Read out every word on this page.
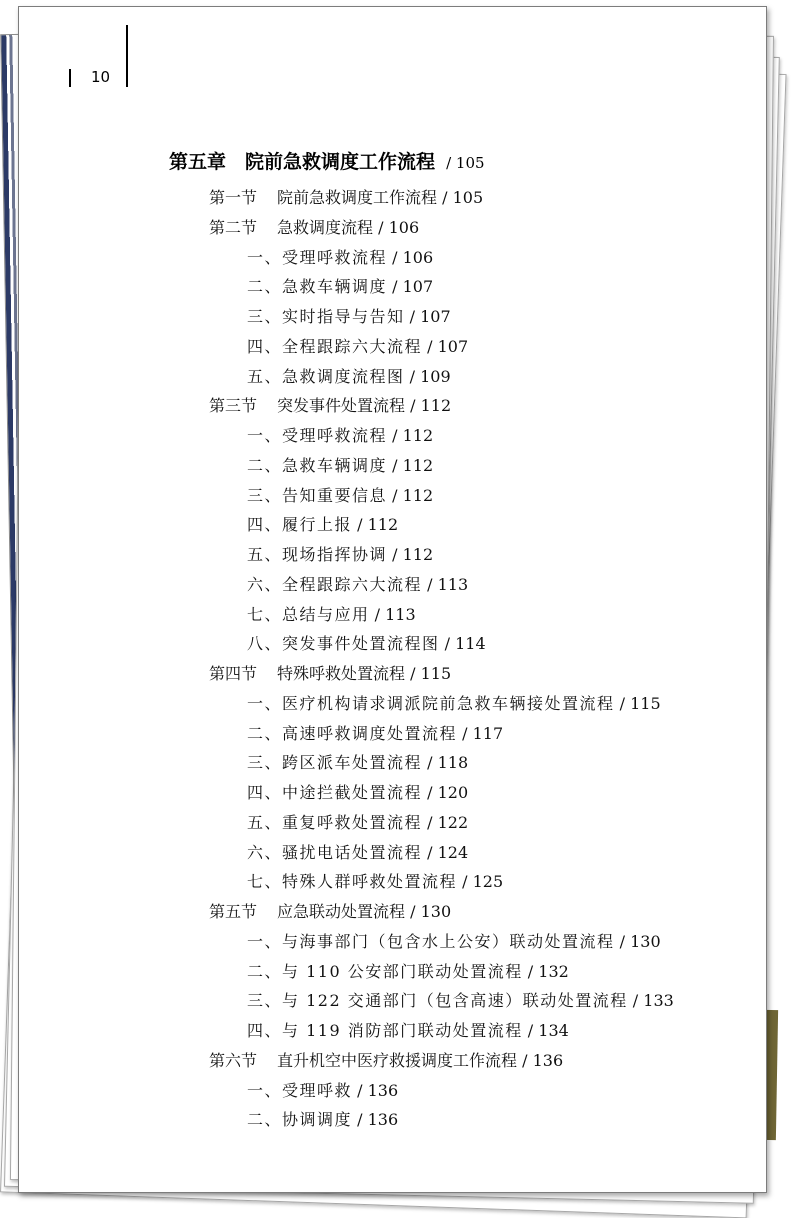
10
第五章　院前急救调度工作流程 / 105
第一节 院前急救调度工作流程 / 105
第二节 急救调度流程 / 106
一、受理呼救流程 / 106
二、急救车辆调度 / 107
三、实时指导与告知 / 107
四、全程跟踪六大流程 / 107
五、急救调度流程图 / 109
第三节 突发事件处置流程 / 112
一、受理呼救流程 / 112
二、急救车辆调度 / 112
三、告知重要信息 / 112
四、履行上报 / 112
五、现场指挥协调 / 112
六、全程跟踪六大流程 / 113
七、总结与应用 / 113
八、突发事件处置流程图 / 114
第四节 特殊呼救处置流程 / 115
一、医疗机构请求调派院前急救车辆接处置流程 / 115
二、高速呼救调度处置流程 / 117
三、跨区派车处置流程 / 118
四、中途拦截处置流程 / 120
五、重复呼救处置流程 / 122
六、骚扰电话处置流程 / 124
七、特殊人群呼救处置流程 / 125
第五节 应急联动处置流程 / 130
一、与海事部门（包含水上公安）联动处置流程 / 130
二、与 110 公安部门联动处置流程 / 132
三、与 122 交通部门（包含高速）联动处置流程 / 133
四、与 119 消防部门联动处置流程 / 134
第六节 直升机空中医疗救援调度工作流程 / 136
一、受理呼救 / 136
二、协调调度 / 136
